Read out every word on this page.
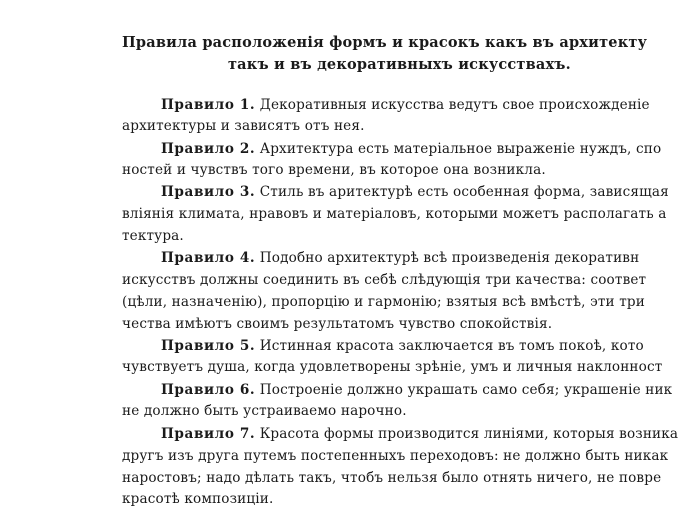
Правила расположенія формъ и красокъ какъ въ архитекту
такъ и въ декоративныхъ искусствахъ.
Правило 1. Декоративныя искусства ведутъ свое происхожденіе
архитектуры и зависятъ отъ нея.
Правило 2. Архитектура есть матеріальное выраженіе нуждъ, спо
ностей и чувствъ того времени, въ которое она возникла.
Правило 3. Стиль въ аритектурѣ есть особенная форма, зависящая
вліянія климата, нравовъ и матеріаловъ, которыми можетъ располагать а
тектура.
Правило 4. Подобно архитектурѣ всѣ произведенія декоративн
искусствъ должны соединить въ себѣ слѣдующія три качества: соответ
(цѣли, назначенію), пропорцію и гармонію; взятыя всѣ вмѣстѣ, эти три
чества имѣютъ своимъ результатомъ чувство спокойствія.
Правило 5. Истинная красота заключается въ томъ покоѣ, кото
чувствуетъ душа, когда удовлетворены зрѣніе, умъ и личныя наклонност
Правило 6. Построеніе должно украшать само себя; украшеніе ник
не должно быть устраиваемо нарочно.
Правило 7. Красота формы производится линіями, которыя возника
другъ изъ друга путемъ постепенныхъ переходовъ: не должно быть никак
наростовъ; надо дѣлать такъ, чтобъ нельзя было отнять ничего, не повре
красотѣ композиціи.
